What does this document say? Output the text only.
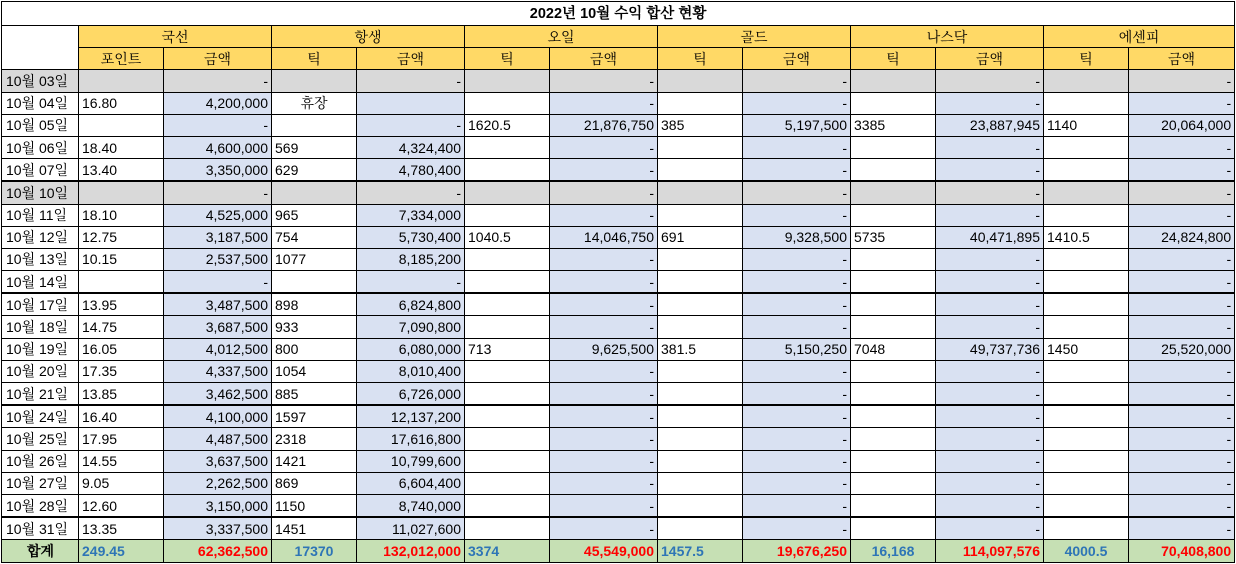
2022년 10월 수익 합산 현황												
	국선		항생		오일		골드		나스닥		에센피	
	포인트	금액	틱	금액	틱	금액	틱	금액	틱	금액	틱	금액
10월 03일		-		-		-		-		-		-
10월 04일	16.80	4,200,000	휴장			-		-		-		-
10월 05일		-		-	1620.5	21,876,750	385	5,197,500	3385	23,887,945	1140	20,064,000
10월 06일	18.40	4,600,000	569	4,324,400		-		-		-		-
10월 07일	13.40	3,350,000	629	4,780,400		-		-		-		-
10월 10일		-		-		-		-		-		-
10월 11일	18.10	4,525,000	965	7,334,000		-		-		-		-
10월 12일	12.75	3,187,500	754	5,730,400	1040.5	14,046,750	691	9,328,500	5735	40,471,895	1410.5	24,824,800
10월 13일	10.15	2,537,500	1077	8,185,200		-		-		-		-
10월 14일		-		-		-		-		-		-
10월 17일	13.95	3,487,500	898	6,824,800		-		-		-		-
10월 18일	14.75	3,687,500	933	7,090,800		-		-		-		-
10월 19일	16.05	4,012,500	800	6,080,000	713	9,625,500	381.5	5,150,250	7048	49,737,736	1450	25,520,000
10월 20일	17.35	4,337,500	1054	8,010,400		-		-		-		-
10월 21일	13.85	3,462,500	885	6,726,000		-		-		-		-
10월 24일	16.40	4,100,000	1597	12,137,200		-		-		-		-
10월 25일	17.95	4,487,500	2318	17,616,800		-		-		-		-
10월 26일	14.55	3,637,500	1421	10,799,600		-		-		-		-
10월 27일	9.05	2,262,500	869	6,604,400		-		-		-		-
10월 28일	12.60	3,150,000	1150	8,740,000		-		-		-		-
10월 31일	13.35	3,337,500	1451	11,027,600		-		-		-		-
합계	249.45	62,362,500	17370	132,012,000	3374	45,549,000	1457.5	19,676,250	16,168	114,097,576	4000.5	70,408,800
